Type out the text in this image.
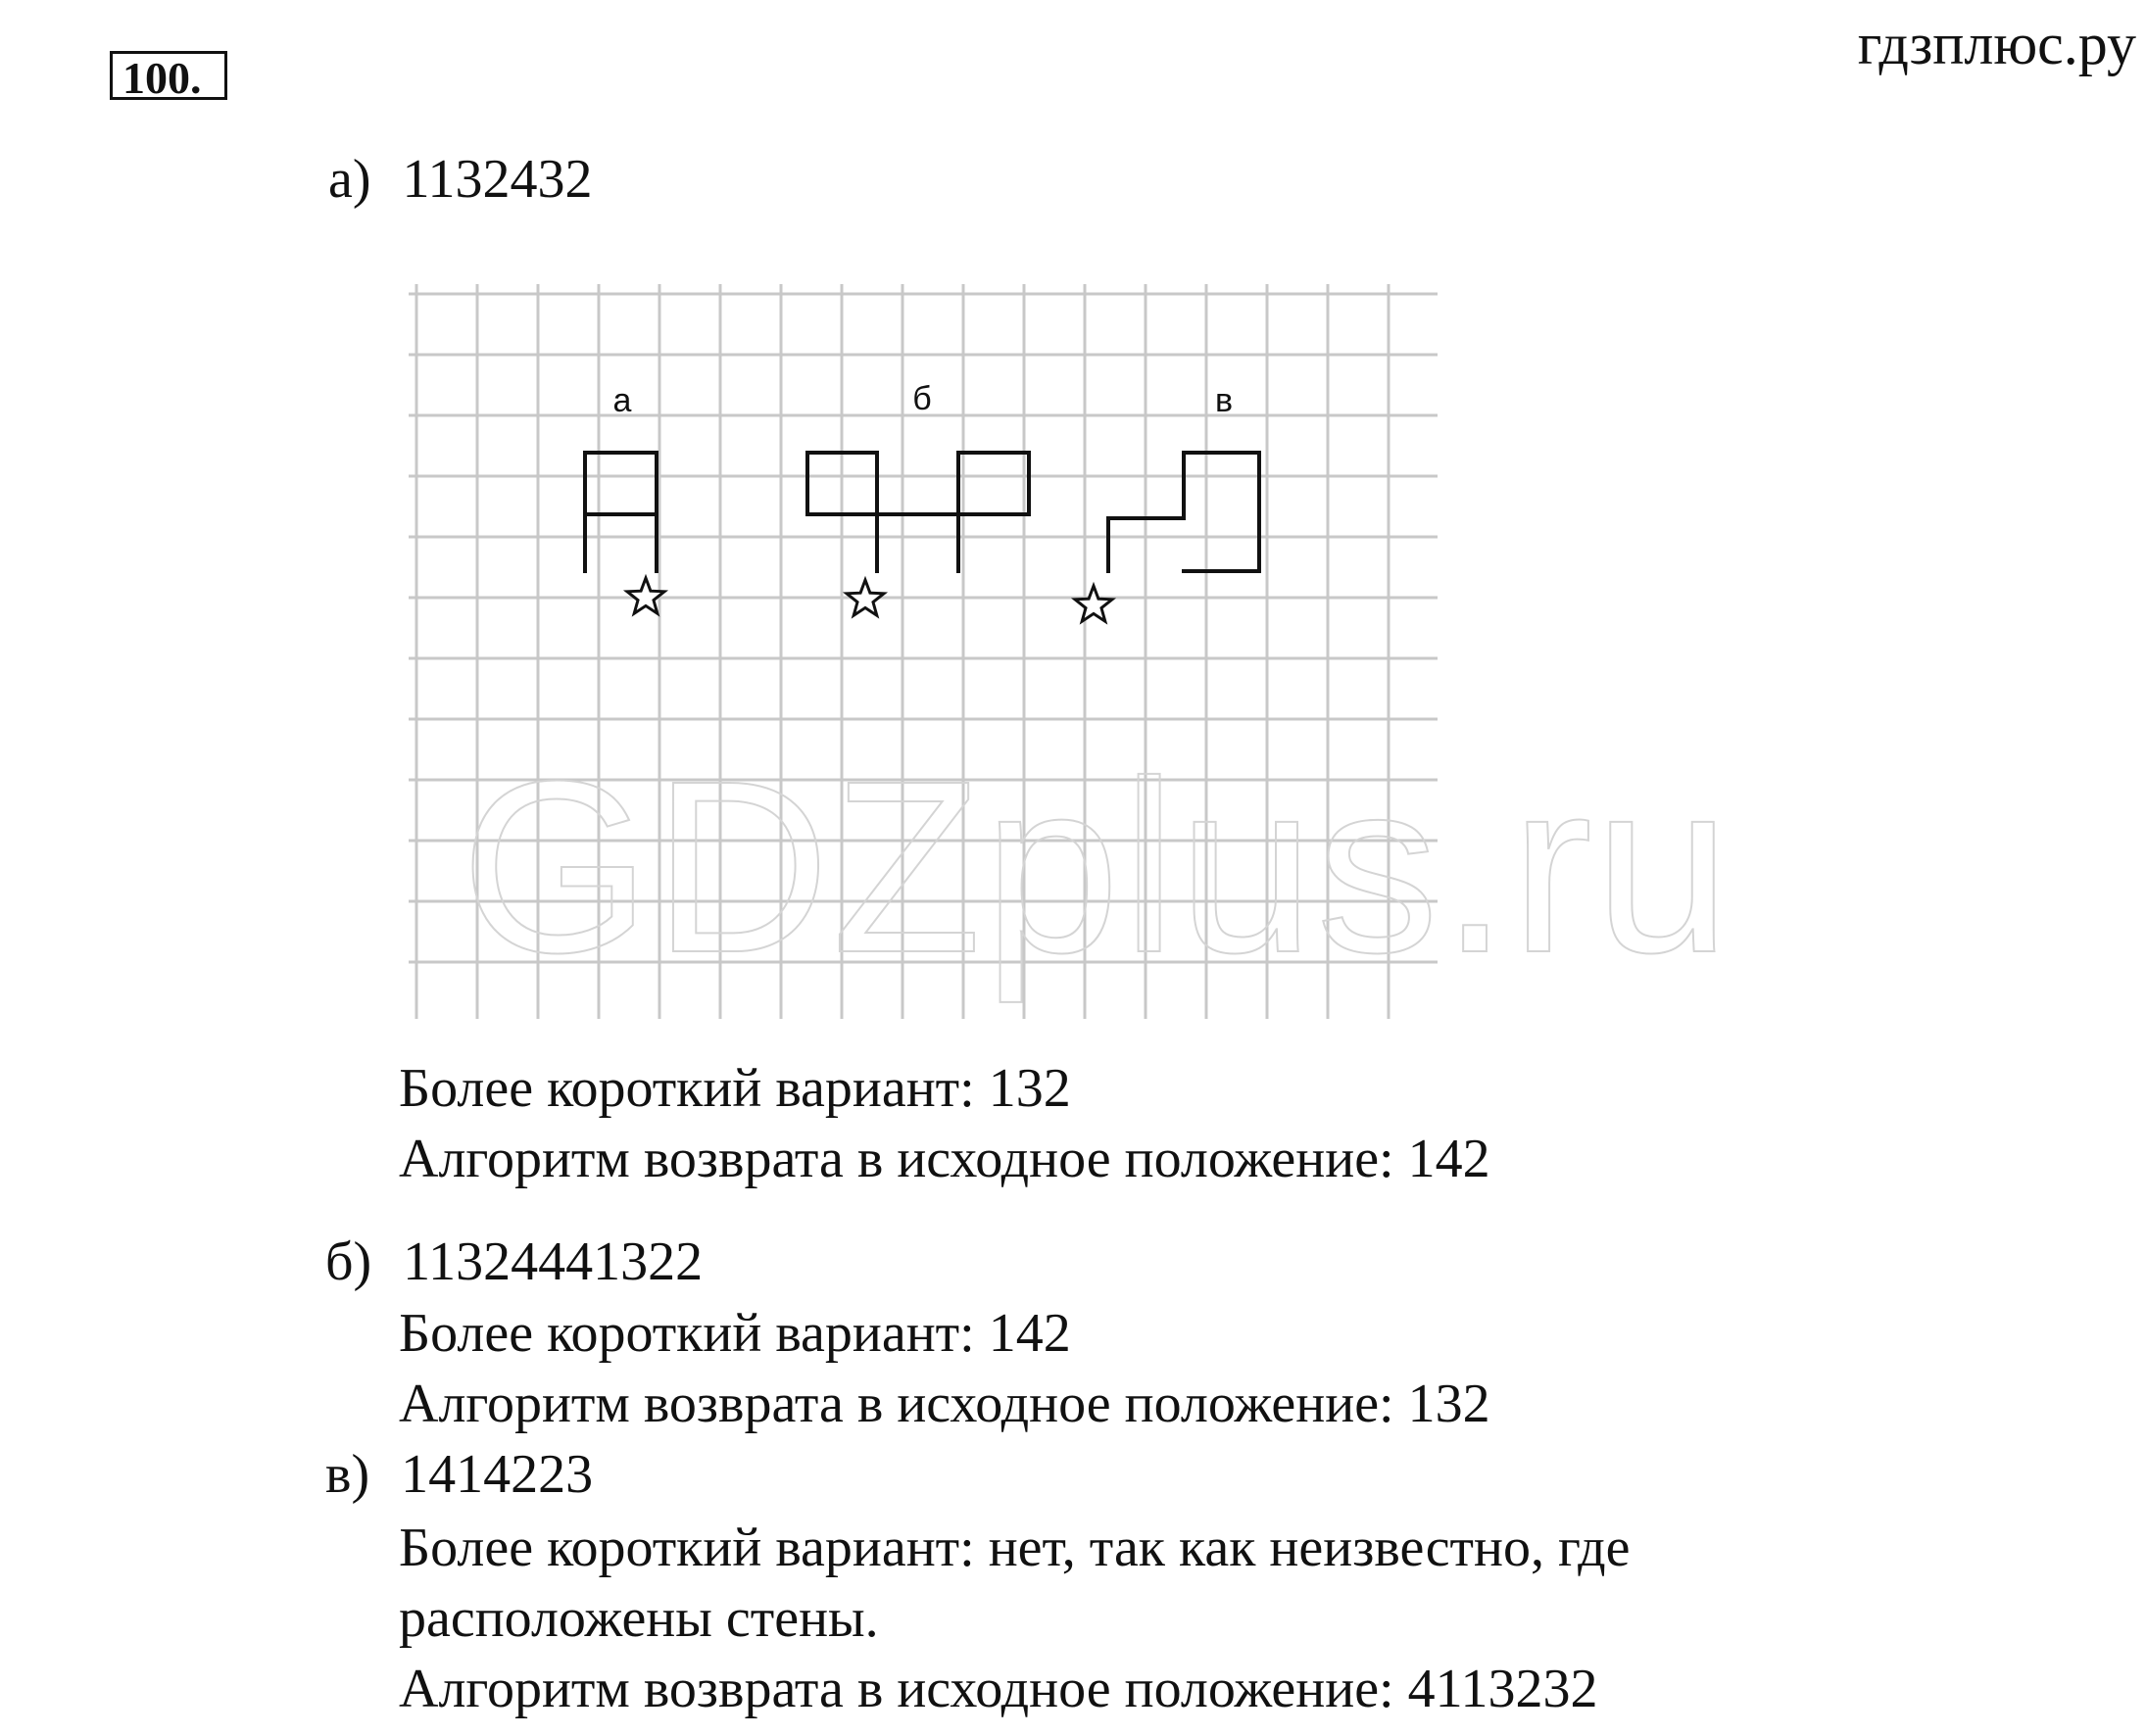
100.
гдзплюс.ру
а) 1132432
а	б	в
GDZplus.ru
Более короткий вариант: 132
Алгоритм возврата в исходное положение: 142
б) 11324441322
Более короткий вариант: 142
Алгоритм возврата в исходное положение: 132
в) 1414223
Более короткий вариант: нет, так как неизвестно, где
расположены стены.
Алгоритм возврата в исходное положение: 4113232
